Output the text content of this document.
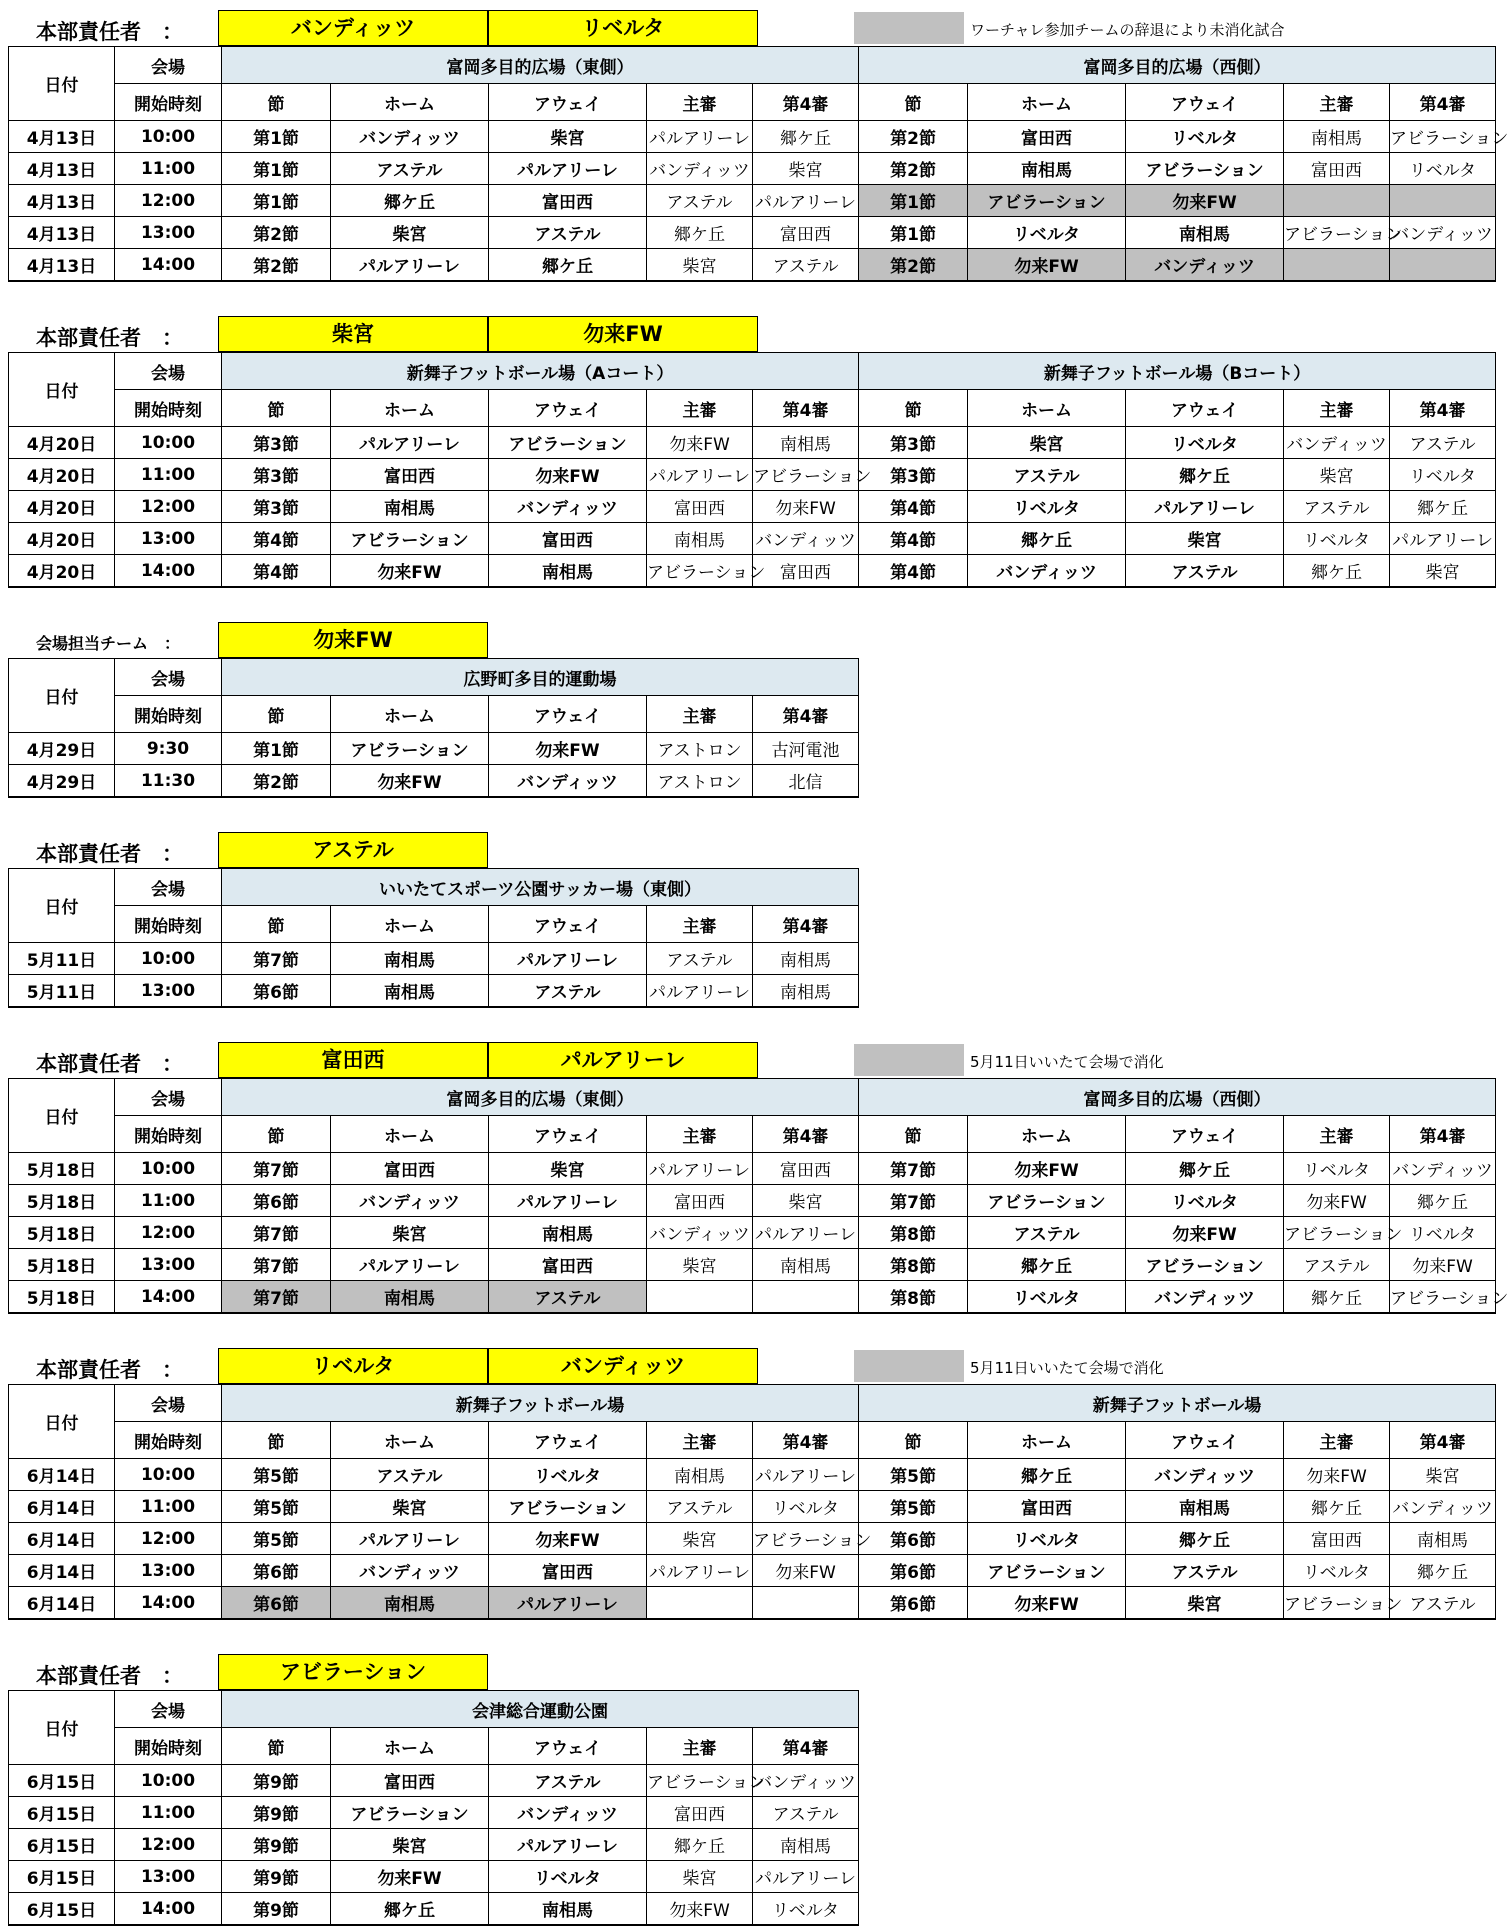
本部責任者　：	バンディッツ	リベルタ	ワーチャレ参加チームの辞退により未消化試合
日付	会場	富岡多目的広場（東側）					富岡多目的広場（西側）				
	開始時刻	節	ホーム	アウェイ	主審	第4審	節	ホーム	アウェイ	主審	第4審
4月13日	10:00	第1節	バンディッツ	柴宮	パルアリーレ	郷ケ丘	第2節	富田西	リベルタ	南相馬	アビラーション
4月13日	11:00	第1節	アステル	パルアリーレ	バンディッツ	柴宮	第2節	南相馬	アビラーション	富田西	リベルタ
4月13日	12:00	第1節	郷ケ丘	富田西	アステル	パルアリーレ	第1節	アビラーション	勿来FW		
4月13日	13:00	第2節	柴宮	アステル	郷ケ丘	富田西	第1節	リベルタ	南相馬	アビラーション	バンディッツ
4月13日	14:00	第2節	パルアリーレ	郷ケ丘	柴宮	アステル	第2節	勿来FW	バンディッツ		
本部責任者　：	柴宮	勿来FW
日付	会場	新舞子フットボール場（Aコート）					新舞子フットボール場（Bコート）				
	開始時刻	節	ホーム	アウェイ	主審	第4審	節	ホーム	アウェイ	主審	第4審
4月20日	10:00	第3節	パルアリーレ	アビラーション	勿来FW	南相馬	第3節	柴宮	リベルタ	バンディッツ	アステル
4月20日	11:00	第3節	富田西	勿来FW	パルアリーレ	アビラーション	第3節	アステル	郷ケ丘	柴宮	リベルタ
4月20日	12:00	第3節	南相馬	バンディッツ	富田西	勿来FW	第4節	リベルタ	パルアリーレ	アステル	郷ケ丘
4月20日	13:00	第4節	アビラーション	富田西	南相馬	バンディッツ	第4節	郷ケ丘	柴宮	リベルタ	パルアリーレ
4月20日	14:00	第4節	勿来FW	南相馬	アビラーション	富田西	第4節	バンディッツ	アステル	郷ケ丘	柴宮
会場担当チーム　：	勿来FW
日付	会場	広野町多目的運動場				
	開始時刻	節	ホーム	アウェイ	主審	第4審
4月29日	9:30	第1節	アビラーション	勿来FW	アストロン	古河電池
4月29日	11:30	第2節	勿来FW	バンディッツ	アストロン	北信
本部責任者　：	アステル
日付	会場	いいたてスポーツ公園サッカー場（東側）				
	開始時刻	節	ホーム	アウェイ	主審	第4審
5月11日	10:00	第7節	南相馬	パルアリーレ	アステル	南相馬
5月11日	13:00	第6節	南相馬	アステル	パルアリーレ	南相馬
本部責任者　：	富田西	パルアリーレ	5月11日いいたて会場で消化
日付	会場	富岡多目的広場（東側）					富岡多目的広場（西側）				
	開始時刻	節	ホーム	アウェイ	主審	第4審	節	ホーム	アウェイ	主審	第4審
5月18日	10:00	第7節	富田西	柴宮	パルアリーレ	富田西	第7節	勿来FW	郷ケ丘	リベルタ	バンディッツ
5月18日	11:00	第6節	バンディッツ	パルアリーレ	富田西	柴宮	第7節	アビラーション	リベルタ	勿来FW	郷ケ丘
5月18日	12:00	第7節	柴宮	南相馬	バンディッツ	パルアリーレ	第8節	アステル	勿来FW	アビラーション	リベルタ
5月18日	13:00	第7節	パルアリーレ	富田西	柴宮	南相馬	第8節	郷ケ丘	アビラーション	アステル	勿来FW
5月18日	14:00	第7節	南相馬	アステル			第8節	リベルタ	バンディッツ	郷ケ丘	アビラーション
本部責任者　：	リベルタ	バンディッツ	5月11日いいたて会場で消化
日付	会場	新舞子フットボール場					新舞子フットボール場				
	開始時刻	節	ホーム	アウェイ	主審	第4審	節	ホーム	アウェイ	主審	第4審
6月14日	10:00	第5節	アステル	リベルタ	南相馬	パルアリーレ	第5節	郷ケ丘	バンディッツ	勿来FW	柴宮
6月14日	11:00	第5節	柴宮	アビラーション	アステル	リベルタ	第5節	富田西	南相馬	郷ケ丘	バンディッツ
6月14日	12:00	第5節	パルアリーレ	勿来FW	柴宮	アビラーション	第6節	リベルタ	郷ケ丘	富田西	南相馬
6月14日	13:00	第6節	バンディッツ	富田西	パルアリーレ	勿来FW	第6節	アビラーション	アステル	リベルタ	郷ケ丘
6月14日	14:00	第6節	南相馬	パルアリーレ			第6節	勿来FW	柴宮	アビラーション	アステル
本部責任者　：	アビラーション
日付	会場	会津総合運動公園				
	開始時刻	節	ホーム	アウェイ	主審	第4審
6月15日	10:00	第9節	富田西	アステル	アビラーション	バンディッツ
6月15日	11:00	第9節	アビラーション	バンディッツ	富田西	アステル
6月15日	12:00	第9節	柴宮	パルアリーレ	郷ケ丘	南相馬
6月15日	13:00	第9節	勿来FW	リベルタ	柴宮	パルアリーレ
6月15日	14:00	第9節	郷ケ丘	南相馬	勿来FW	リベルタ
